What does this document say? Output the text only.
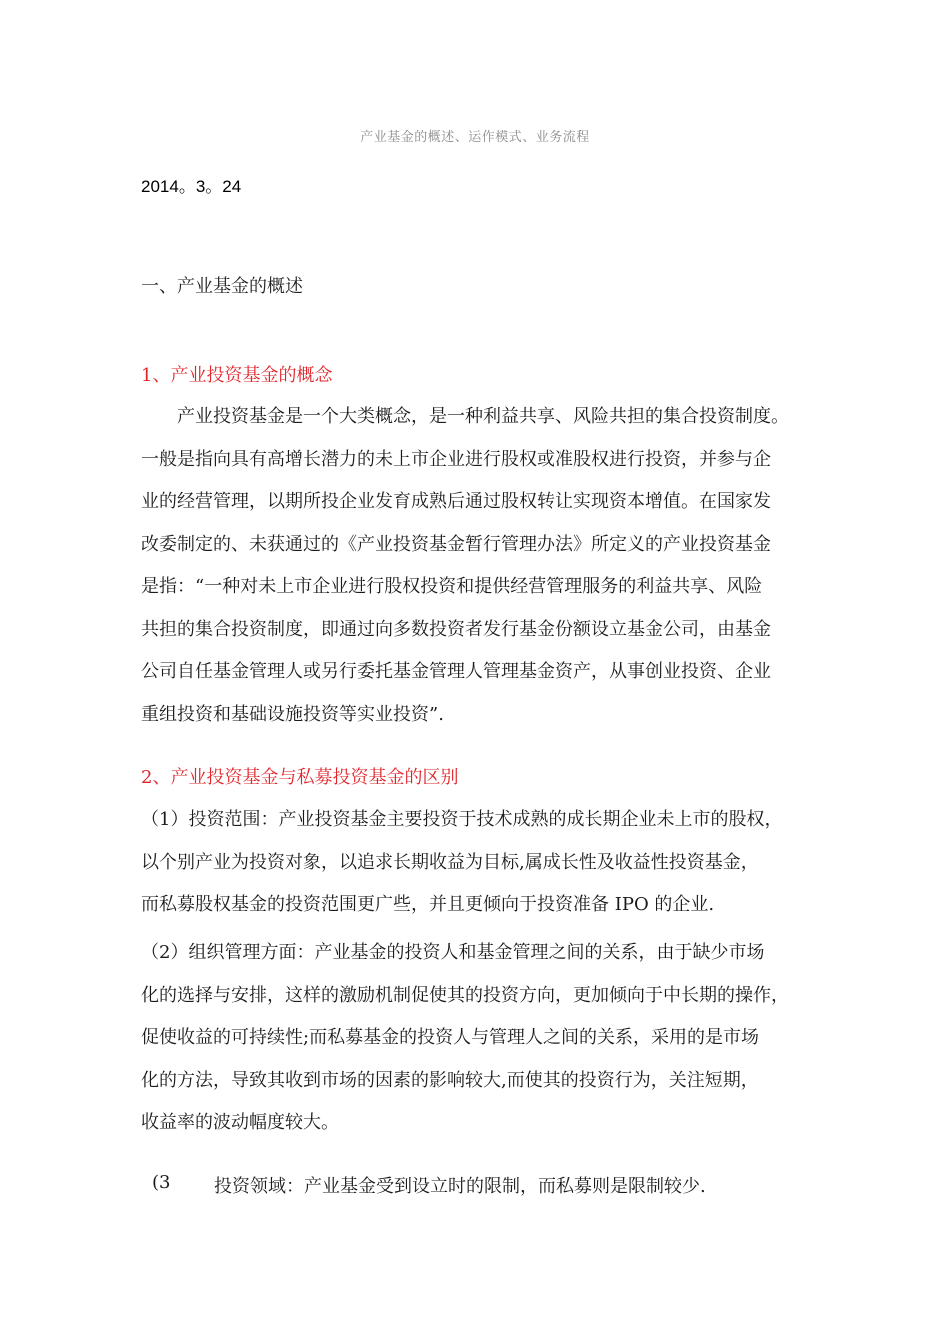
产业基金的概述、运作模式、业务流程
2014。3。24
一、产业基金的概述
1、产业投资基金的概念
　　产业投资基金是一个大类概念，是一种利益共享、风险共担的集合投资制度。
一般是指向具有高增长潜力的未上市企业进行股权或准股权进行投资，并参与企
业的经营管理，以期所投企业发育成熟后通过股权转让实现资本增值。在国家发
改委制定的、未获通过的《产业投资基金暂行管理办法》所定义的产业投资基金
是指：“一种对未上市企业进行股权投资和提供经营管理服务的利益共享、风险
共担的集合投资制度，即通过向多数投资者发行基金份额设立基金公司，由基金
公司自任基金管理人或另行委托基金管理人管理基金资产，从事创业投资、企业
重组投资和基础设施投资等实业投资”.
2、产业投资基金与私募投资基金的区别
（1）投资范围：产业投资基金主要投资于技术成熟的成长期企业未上市的股权，
以个别产业为投资对象，以追求长期收益为目标,属成长性及收益性投资基金，
而私募股权基金的投资范围更广些，并且更倾向于投资准备 IPO 的企业.
（2）组织管理方面：产业基金的投资人和基金管理之间的关系，由于缺少市场
化的选择与安排，这样的激励机制促使其的投资方向，更加倾向于中长期的操作，
促使收益的可持续性;而私募基金的投资人与管理人之间的关系，采用的是市场
化的方法，导致其收到市场的因素的影响较大,而使其的投资行为，关注短期，
收益率的波动幅度较大。
(3 投资领域：产业基金受到设立时的限制，而私募则是限制较少.
